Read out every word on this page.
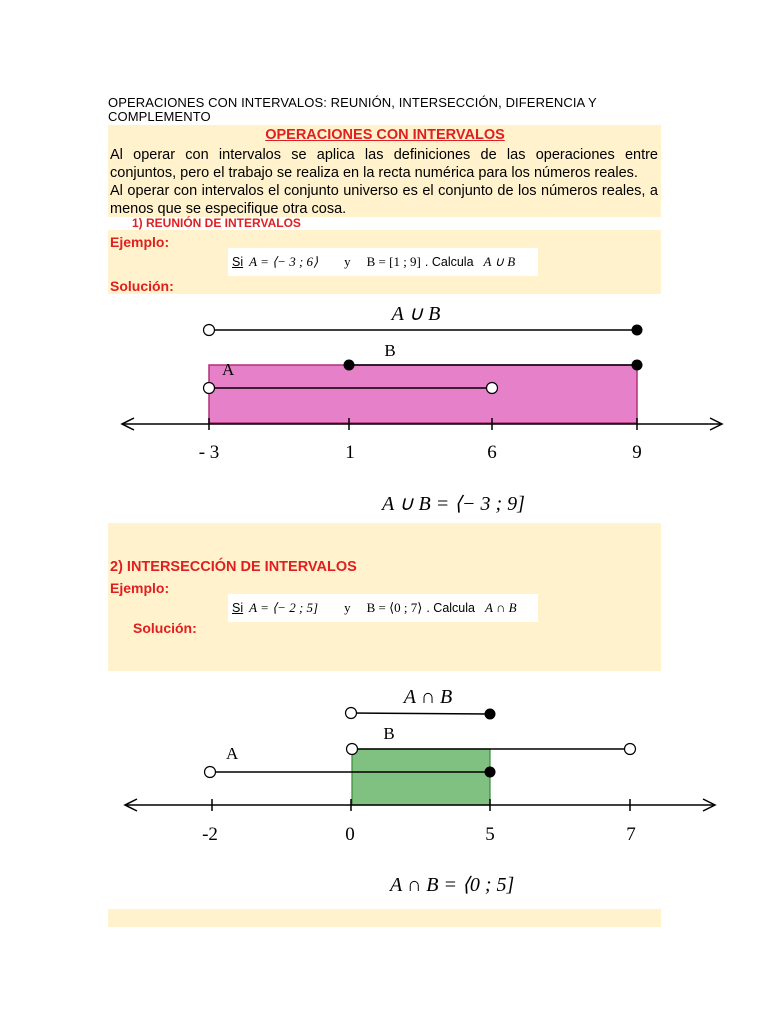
OPERACIONES CON INTERVALOS: REUNIÓN, INTERSECCIÓN, DIFERENCIA Y COMPLEMENTO
OPERACIONES CON INTERVALOS
Al operar con intervalos se aplica las definiciones de las operaciones entre conjuntos, pero el trabajo se realiza en la recta numérica para los números reales.
Al operar con intervalos el conjunto universo es el conjunto de los números reales, a menos que se especifique otra cosa.
1) REUNIÓN DE INTERVALOS
Ejemplo:
Si A = ⟨− 3 ; 6⟩ y B = [1 ; 9] . Calcula A ∪ B
Solución:
A ∪ B
B
A
- 3	1	6	9
A ∪ B = ⟨− 3 ; 9]
2) INTERSECCIÓN DE INTERVALOS
Ejemplo:
Si A = ⟨− 2 ; 5] y B = ⟨0 ; 7⟩ . Calcula A ∩ B
Solución:
A ∩ B
B
A
-2	0	5	7
A ∩ B = ⟨0 ; 5]
